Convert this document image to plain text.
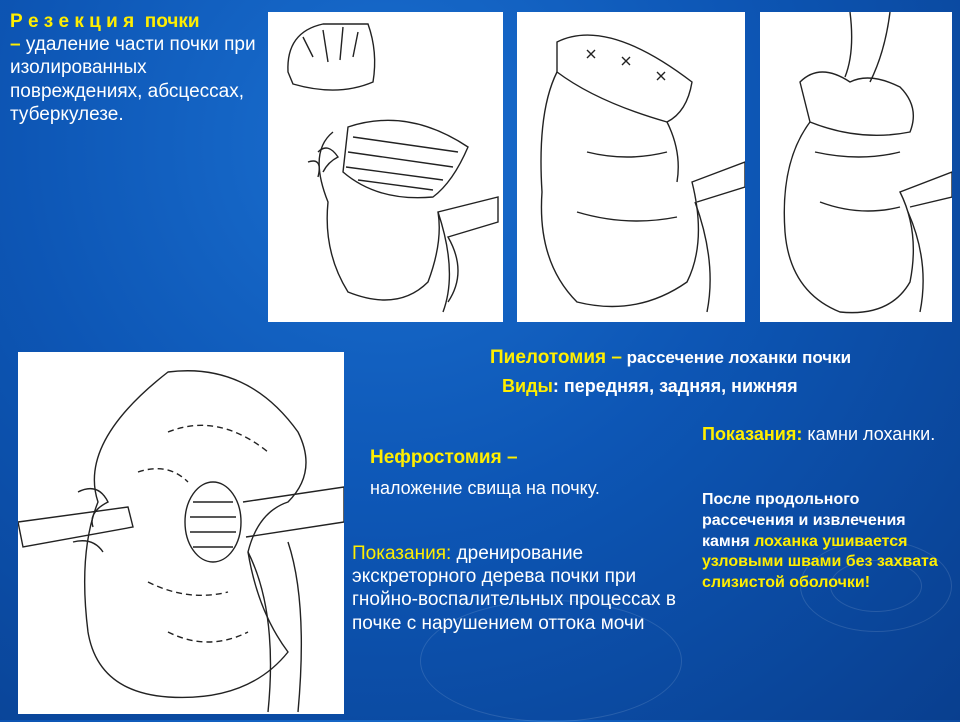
Р е з е к ц и я  почки
– удаление части почки при изолированных повреждениях, абсцессах, туберкулезе.
Пиелотомия – рассечение лоханки почки
Виды: передняя, задняя, нижняя
Показания: камни лоханки.
После продольного рассечения и извлечения камня лоханка ушивается узловыми швами без захвата слизистой оболочки!
Нефростомия –
наложение свища на почку.
Показания: дренирование экскреторного дерева почки при гнойно-воспалительных процессах в почке с нарушением оттока мочи
